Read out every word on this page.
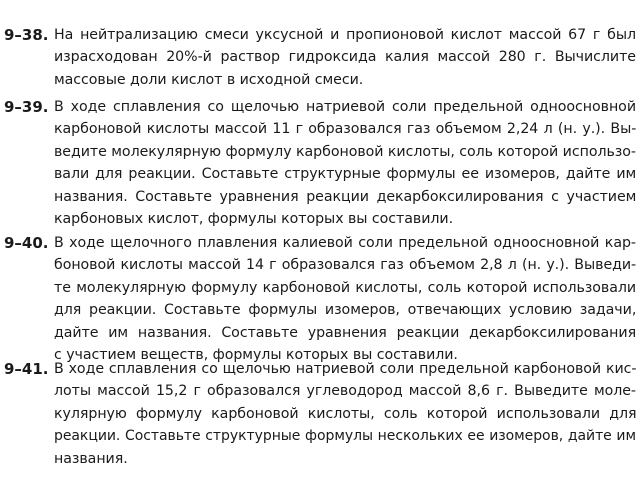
9–38. На нейтрализацию смеси уксусной и пропионовой кислот массой 67 г был
израсходован 20%-й раствор гидроксида калия массой 280 г. Вычислите
массовые доли кислот в исходной смеси.
9–39. В ходе сплавления со щелочью натриевой соли предельной одноосновной
карбоновой кислоты массой 11 г образовался газ объемом 2,24 л (н. у.). Вы-
ведите молекулярную формулу карбоновой кислоты, соль которой использо-
вали для реакции. Составьте структурные формулы ее изомеров, дайте им
названия. Составьте уравнения реакции декарбоксилирования с участием
карбоновых кислот, формулы которых вы составили.
9–40. В ходе щелочного плавления калиевой соли предельной одноосновной кар-
боновой кислоты массой 14 г образовался газ объемом 2,8 л (н. у.). Выведи-
те молекулярную формулу карбоновой кислоты, соль которой использовали
для реакции. Составьте формулы изомеров, отвечающих условию задачи,
дайте им названия. Составьте уравнения реакции декарбоксилирования
с участием веществ, формулы которых вы составили.
9–41. В ходе сплавления со щелочью натриевой соли предельной карбоновой кис-
лоты массой 15,2 г образовался углеводород массой 8,6 г. Выведите моле-
кулярную формулу карбоновой кислоты, соль которой использовали для
реакции. Составьте структурные формулы нескольких ее изомеров, дайте им
названия.
